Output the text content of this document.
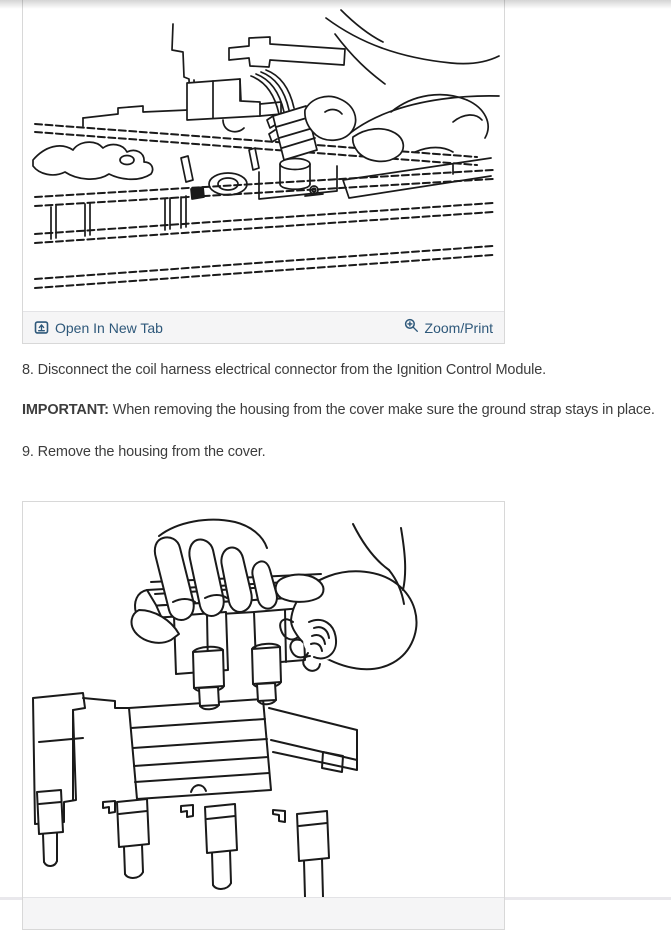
Open In New Tab	Zoom/Print

8. Disconnect the coil harness electrical connector from the Ignition Control Module.

IMPORTANT: When removing the housing from the cover make sure the ground strap stays in place.

9. Remove the housing from the cover.
